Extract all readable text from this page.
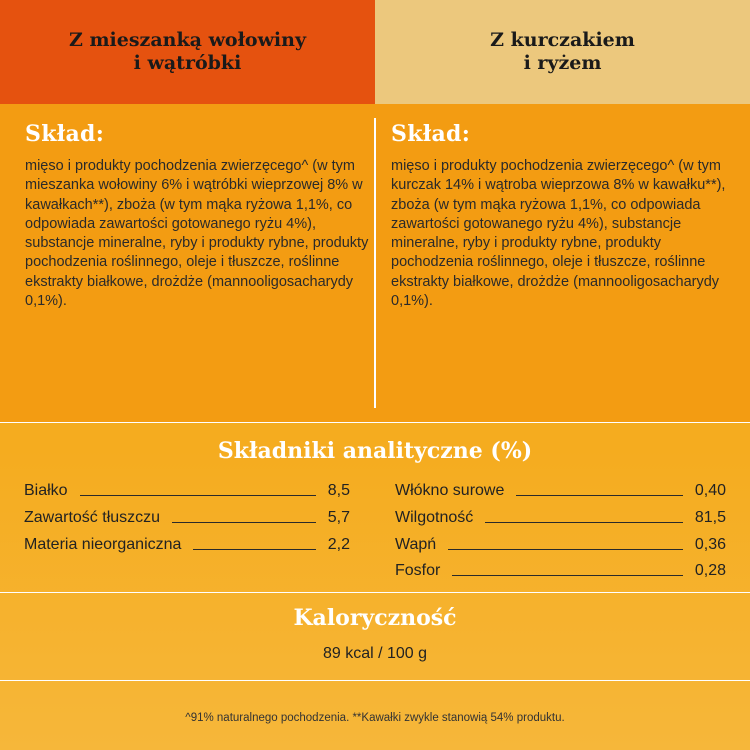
Z mieszanką wołowiny
i wątróbki
Z kurczakiem
i ryżem
Skład:
mięso i produkty pochodzenia zwierzęcego^ (w tym mieszanka wołowiny 6% i wątróbki wieprzowej 8% w kawałkach**), zboża (w tym mąka ryżowa 1,1%, co odpowiada zawartości gotowanego ryżu 4%), substancje mineralne, ryby i produkty rybne, produkty pochodzenia roślinnego, oleje i tłuszcze, roślinne ekstrakty białkowe, drożdże (mannooligosacharydy 0,1%).
Skład:
mięso i produkty pochodzenia zwierzęcego^ (w tym kurczak 14% i wątroba wieprzowa 8% w kawałku**), zboża (w tym mąka ryżowa 1,1%, co odpowiada zawartości gotowanego ryżu 4%), substancje mineralne, ryby i produkty rybne, produkty pochodzenia roślinnego, oleje i tłuszcze, roślinne ekstrakty białkowe, drożdże (mannooligosacharydy 0,1%).
Składniki analityczne (%)
Białko	8,5
Zawartość tłuszczu	5,7
Materia nieorganiczna	2,2
Włókno surowe	0,40
Wilgotność	81,5
Wapń	0,36
Fosfor	0,28
Kaloryczność
89 kcal / 100 g
^91% naturalnego pochodzenia. **Kawałki zwykle stanowią 54% produktu.
